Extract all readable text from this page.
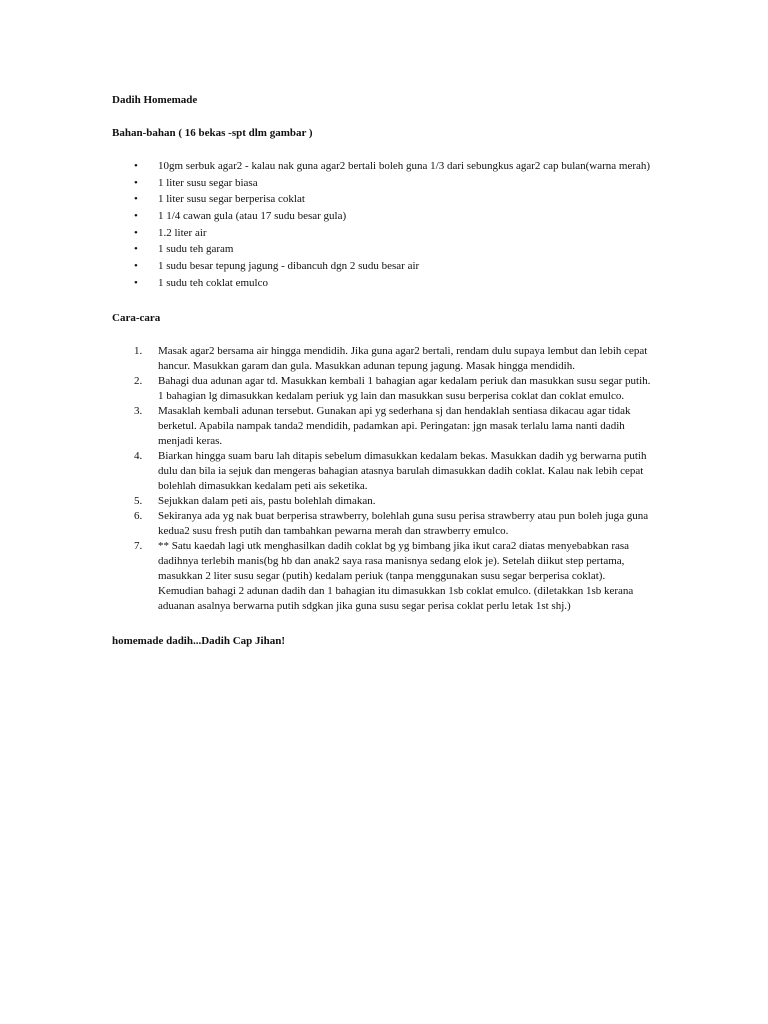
Dadih Homemade

Bahan-bahan ( 16 bekas -spt dlm gambar )

• 10gm serbuk agar2 - kalau nak guna agar2 bertali boleh guna 1/3 dari sebungkus agar2 cap bulan(warna merah)
• 1 liter susu segar biasa
• 1 liter susu segar berperisa coklat
• 1 1/4 cawan gula (atau 17 sudu besar gula)
• 1.2 liter air
• 1 sudu teh garam
• 1 sudu besar tepung jagung - dibancuh dgn 2 sudu besar air
• 1 sudu teh coklat emulco

Cara-cara

1. Masak agar2 bersama air hingga mendidih. Jika guna agar2 bertali, rendam dulu supaya lembut dan lebih cepat hancur. Masukkan garam dan gula. Masukkan adunan tepung jagung. Masak hingga mendidih.
2. Bahagi dua adunan agar td. Masukkan kembali 1 bahagian agar kedalam periuk dan masukkan susu segar putih. 1 bahagian lg dimasukkan kedalam periuk yg lain dan masukkan susu berperisa coklat dan coklat emulco.
3. Masaklah kembali adunan tersebut. Gunakan api yg sederhana sj dan hendaklah sentiasa dikacau agar tidak berketul. Apabila nampak tanda2 mendidih, padamkan api. Peringatan: jgn masak terlalu lama nanti dadih menjadi keras.
4. Biarkan hingga suam baru lah ditapis sebelum dimasukkan kedalam bekas. Masukkan dadih yg berwarna putih dulu dan bila ia sejuk dan mengeras bahagian atasnya barulah dimasukkan dadih coklat. Kalau nak lebih cepat bolehlah dimasukkan kedalam peti ais seketika.
5. Sejukkan dalam peti ais, pastu bolehlah dimakan.
6. Sekiranya ada yg nak buat berperisa strawberry, bolehlah guna susu perisa strawberry atau pun boleh juga guna kedua2 susu fresh putih dan tambahkan pewarna merah dan strawberry emulco.
7. ** Satu kaedah lagi utk menghasilkan dadih coklat bg yg bimbang jika ikut cara2 diatas menyebabkan rasa dadihnya terlebih manis(bg hb dan anak2 saya rasa manisnya sedang elok je). Setelah diikut step pertama, masukkan 2 liter susu segar (putih) kedalam periuk (tanpa menggunakan susu segar berperisa coklat). Kemudian bahagi 2 adunan dadih dan 1 bahagian itu dimasukkan 1sb coklat emulco. (diletakkan 1sb kerana aduanan asalnya berwarna putih sdgkan jika guna susu segar perisa coklat perlu letak 1st shj.)

homemade dadih...Dadih Cap Jihan!
